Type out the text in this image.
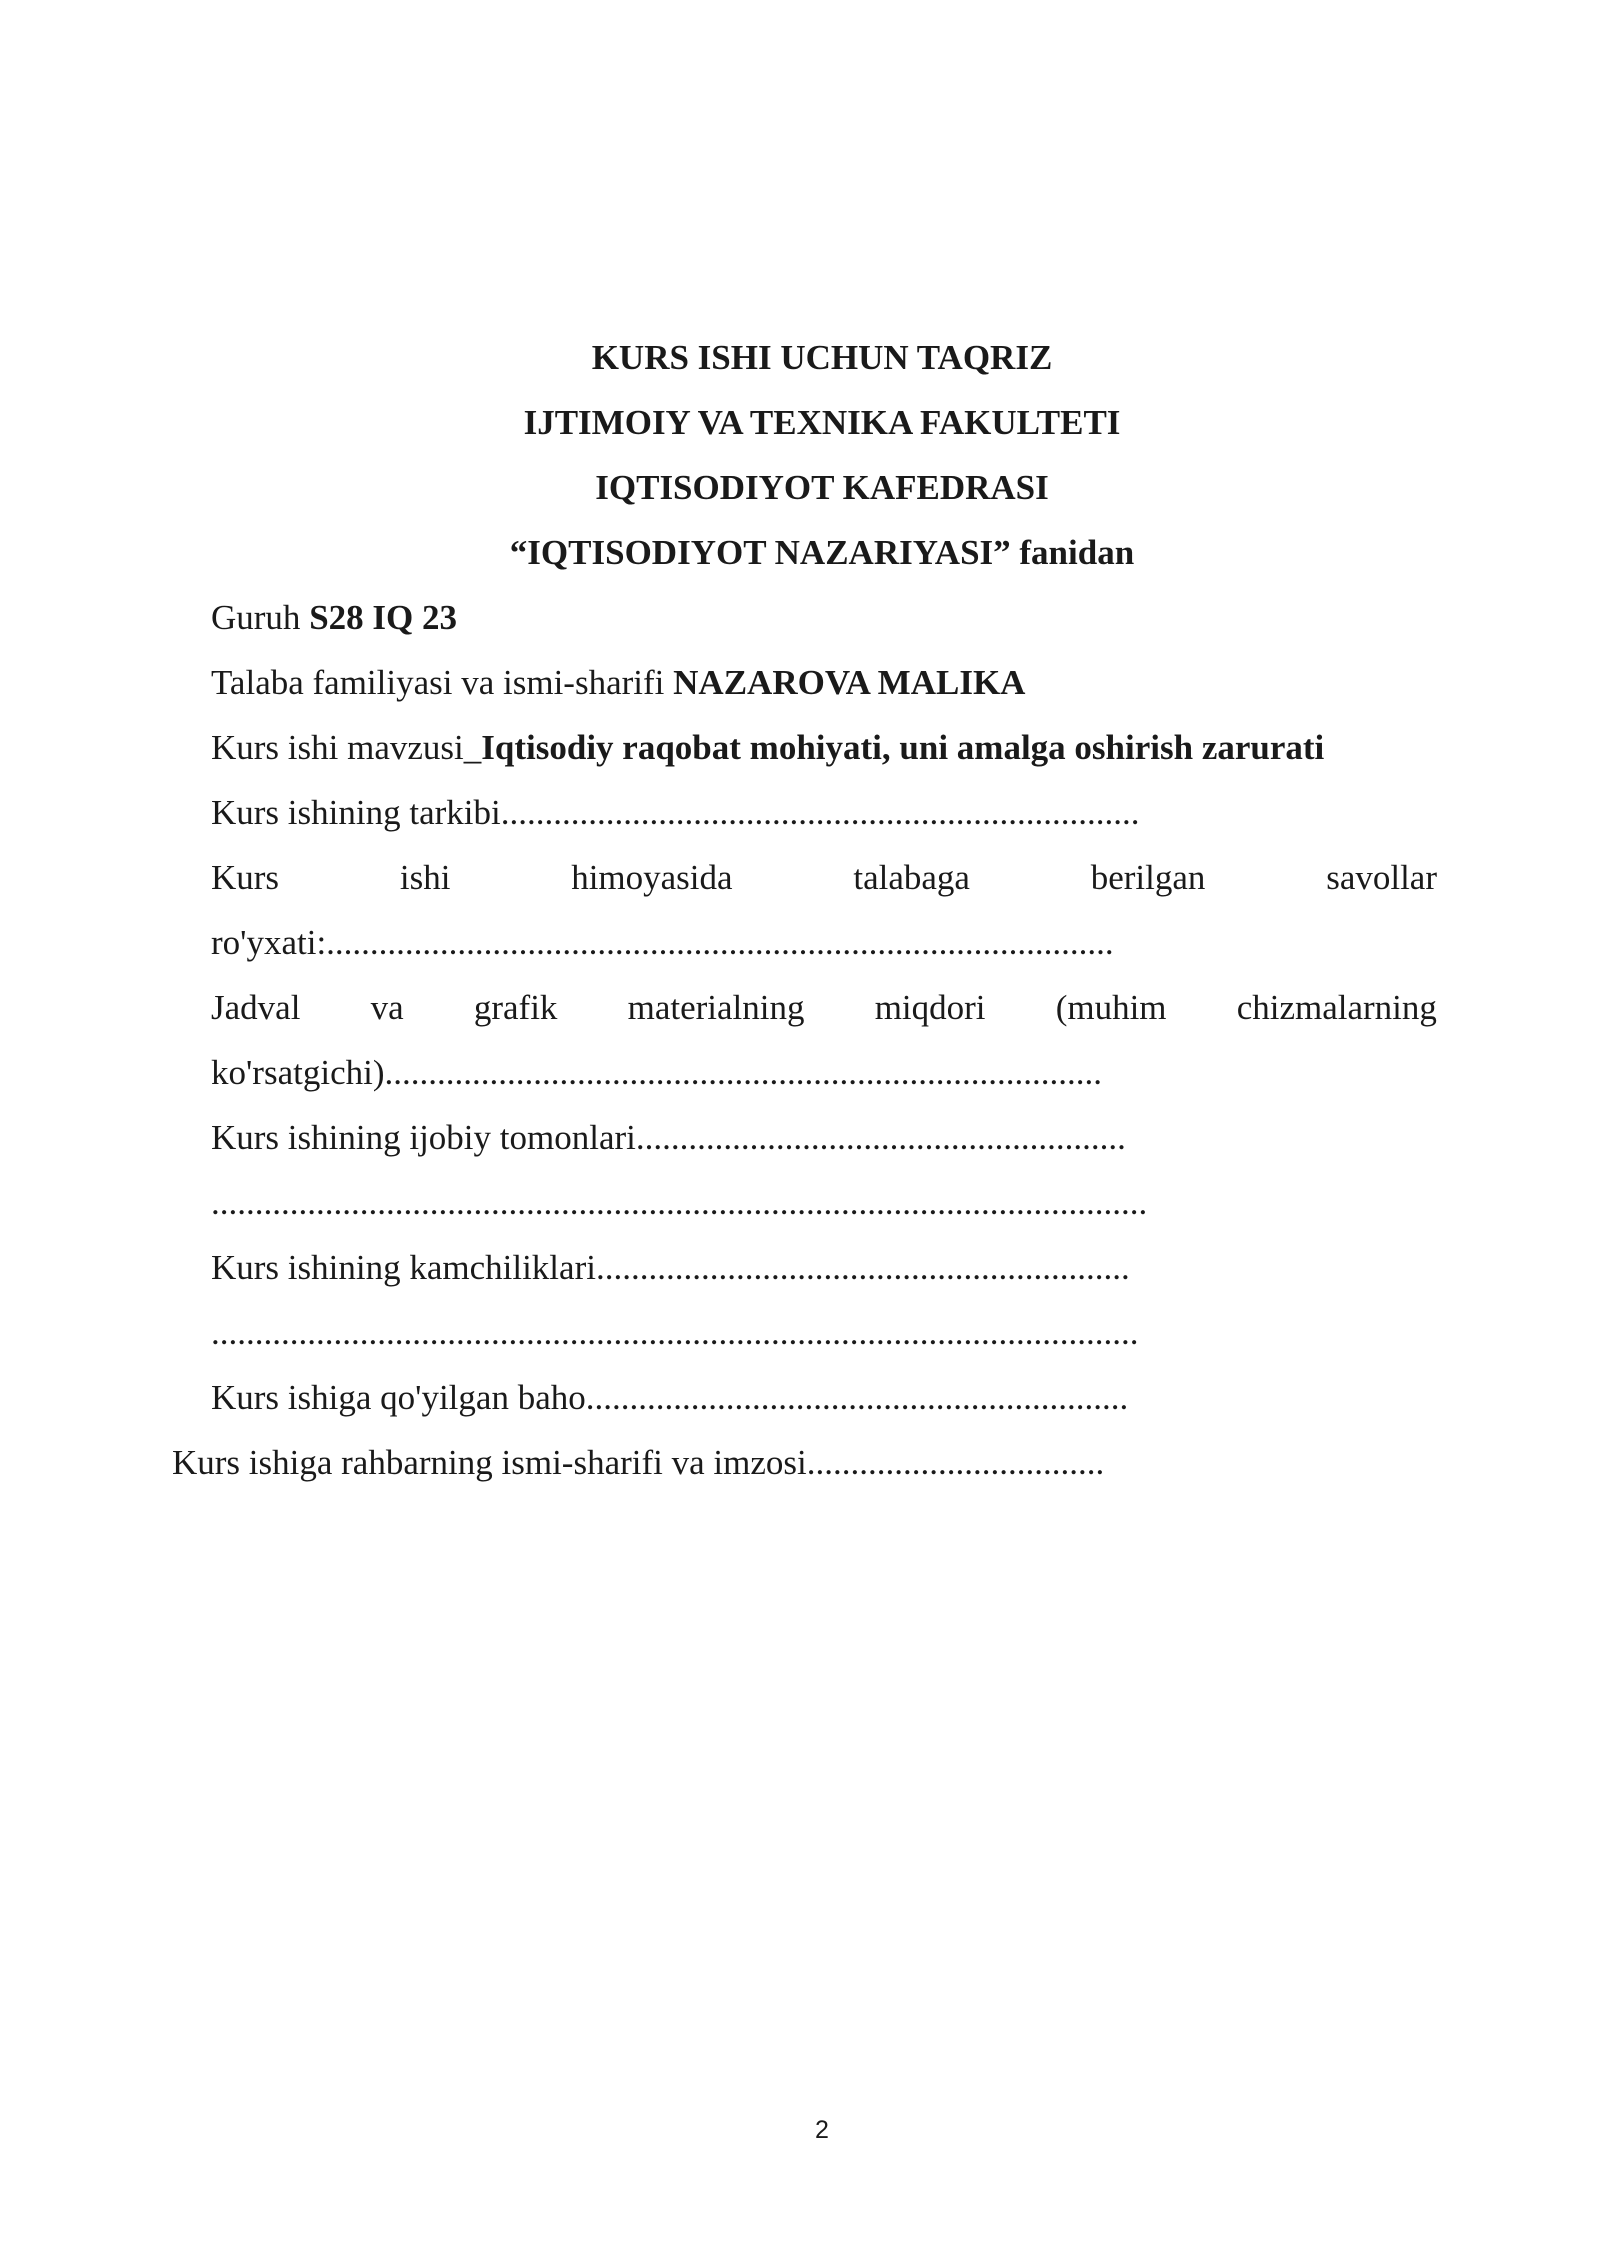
KURS ISHI UCHUN TAQRIZ
IJTIMOIY VA TEXNIKA FAKULTETI
IQTISODIYOT KAFEDRASI
“IQTISODIYOT NAZARIYASI” fanidan
Guruh S28 IQ 23
Talaba familiyasi va ismi-sharifi NAZAROVA MALIKA
Kurs ishi mavzusi_Iqtisodiy raqobat mohiyati, uni amalga oshirish zarurati
Kurs ishining tarkibi.........................................................................
Kurs	ishi	himoyasida	talabaga	berilgan	savollar
ro'yxati:..........................................................................................
Jadval va grafik materialning miqdori (muhim chizmalarning
ko'rsatgichi)..................................................................................
Kurs ishining ijobiy tomonlari........................................................
...........................................................................................................
Kurs ishining kamchiliklari.............................................................
..........................................................................................................
Kurs ishiga qo'yilgan baho..............................................................
Kurs ishiga rahbarning ismi-sharifi va imzosi..................................
2
